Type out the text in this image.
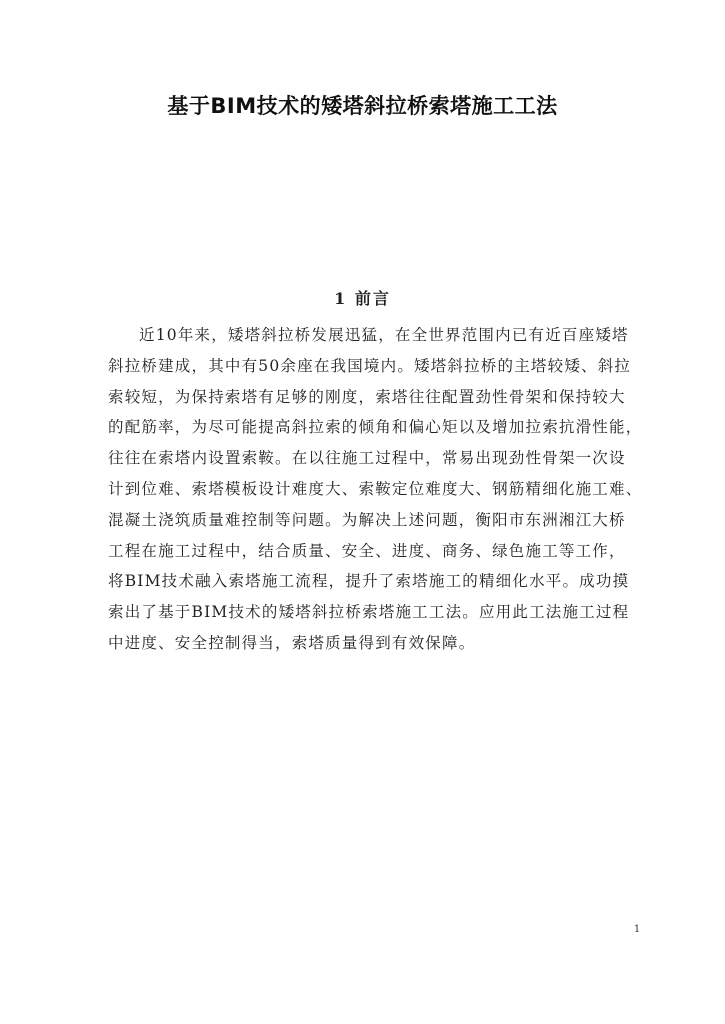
基于BIM技术的矮塔斜拉桥索塔施工工法
1 前言
近10年来，矮塔斜拉桥发展迅猛，在全世界范围内已有近百座矮塔
斜拉桥建成，其中有50余座在我国境内。矮塔斜拉桥的主塔较矮、斜拉
索较短，为保持索塔有足够的刚度，索塔往往配置劲性骨架和保持较大
的配筋率，为尽可能提高斜拉索的倾角和偏心矩以及增加拉索抗滑性能，
往往在索塔内设置索鞍。在以往施工过程中，常易出现劲性骨架一次设
计到位难、索塔模板设计难度大、索鞍定位难度大、钢筋精细化施工难、
混凝土浇筑质量难控制等问题。为解决上述问题，衡阳市东洲湘江大桥
工程在施工过程中，结合质量、安全、进度、商务、绿色施工等工作，
将BIM技术融入索塔施工流程，提升了索塔施工的精细化水平。成功摸
索出了基于BIM技术的矮塔斜拉桥索塔施工工法。应用此工法施工过程
中进度、安全控制得当，索塔质量得到有效保障。
1
